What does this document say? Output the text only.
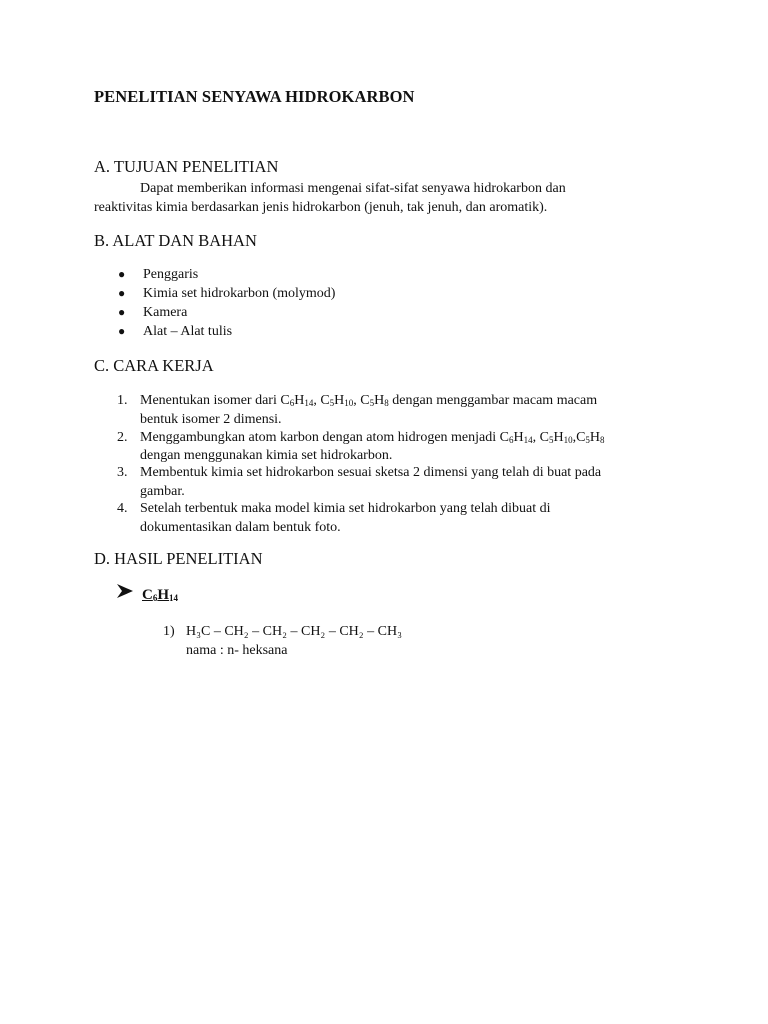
PENELITIAN SENYAWA HIDROKARBON
A. TUJUAN PENELITIAN
Dapat memberikan informasi mengenai sifat-sifat senyawa hidrokarbon dan
reaktivitas kimia berdasarkan jenis hidrokarbon (jenuh, tak jenuh, dan aromatik).
B. ALAT DAN BAHAN
● Penggaris
● Kimia set hidrokarbon (molymod)
● Kamera
● Alat – Alat tulis
C. CARA KERJA
1. Menentukan isomer dari $C_6H_{14}$, $C_5H_{10}$, $C_5H_8$ dengan menggambar macam macam
bentuk isomer 2 dimensi.
2. Menggambungkan atom karbon dengan atom hidrogen menjadi $C_6H_{14}$, $C_5H_{10},C_5H_8$
dengan menggunakan kimia set hidrokarbon.
3. Membentuk kimia set hidrokarbon sesuai sketsa 2 dimensi yang telah di buat pada
gambar.
4. Setelah terbentuk maka model kimia set hidrokarbon yang telah dibuat di
dokumentasikan dalam bentuk foto.
D. HASIL PENELITIAN
$C_6H_{14}$
1) H₃C – CH₂ – CH₂ – CH₂ – CH₂ – CH₃
nama : n- heksana
